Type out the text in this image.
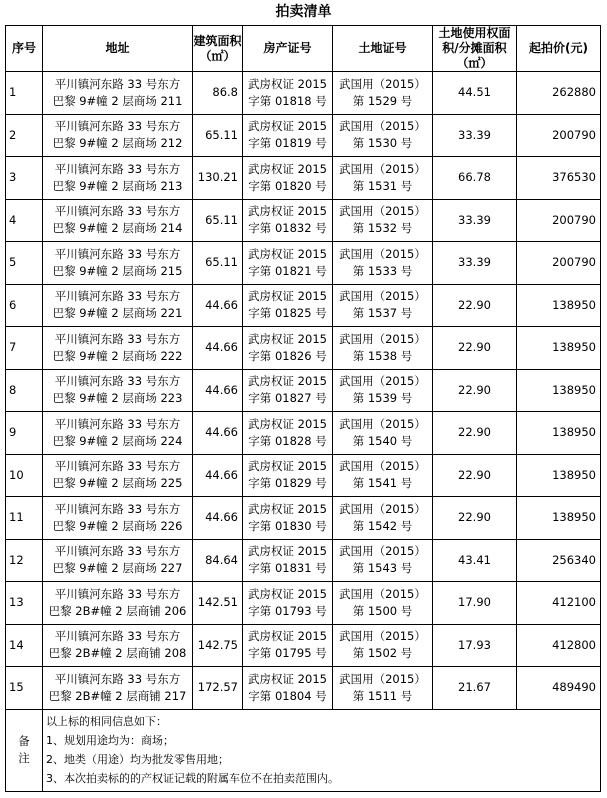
拍卖清单
序号	地址	建筑面积（㎡）	房产证号	土地证号	土地使用权面积/分摊面积（㎡）	起拍价(元)

1	平川镇河东路 33 号东方
巴黎 9#幢 2 层商场 211	86.8	武房权证 2015
字第 01818 号	武国用（2015）
第 1529 号	44.51	262880

2	平川镇河东路 33 号东方
巴黎 9#幢 2 层商场 212	65.11	武房权证 2015
字第 01819 号	武国用（2015）
第 1530 号	33.39	200790

3	平川镇河东路 33 号东方
巴黎 9#幢 2 层商场 213	130.21	武房权证 2015
字第 01820 号	武国用（2015）
第 1531 号	66.78	376530

4	平川镇河东路 33 号东方
巴黎 9#幢 2 层商场 214	65.11	武房权证 2015
字第 01832 号	武国用（2015）
第 1532 号	33.39	200790

5	平川镇河东路 33 号东方
巴黎 9#幢 2 层商场 215	65.11	武房权证 2015
字第 01821 号	武国用（2015）
第 1533 号	33.39	200790

6	平川镇河东路 33 号东方
巴黎 9#幢 2 层商场 221	44.66	武房权证 2015
字第 01825 号	武国用（2015）
第 1537 号	22.90	138950

7	平川镇河东路 33 号东方
巴黎 9#幢 2 层商场 222	44.66	武房权证 2015
字第 01826 号	武国用（2015）
第 1538 号	22.90	138950

8	平川镇河东路 33 号东方
巴黎 9#幢 2 层商场 223	44.66	武房权证 2015
字第 01827 号	武国用（2015）
第 1539 号	22.90	138950

9	平川镇河东路 33 号东方
巴黎 9#幢 2 层商场 224	44.66	武房权证 2015
字第 01828 号	武国用（2015）
第 1540 号	22.90	138950

10	平川镇河东路 33 号东方
巴黎 9#幢 2 层商场 225	44.66	武房权证 2015
字第 01829 号	武国用（2015）
第 1541 号	22.90	138950

11	平川镇河东路 33 号东方
巴黎 9#幢 2 层商场 226	44.66	武房权证 2015
字第 01830 号	武国用（2015）
第 1542 号	22.90	138950

12	平川镇河东路 33 号东方
巴黎 9#幢 2 层商场 227	84.64	武房权证 2015
字第 01831 号	武国用（2015）
第 1543 号	43.41	256340

13	平川镇河东路 33 号东方
巴黎 2B#幢 2 层商铺 206	142.51	武房权证 2015
字第 01793 号	武国用（2015）
第 1500 号	17.90	412100

14	平川镇河东路 33 号东方
巴黎 2B#幢 2 层商铺 208	142.75	武房权证 2015
字第 01795 号	武国用（2015）
第 1502 号	17.93	412800

15	平川镇河东路 33 号东方
巴黎 2B#幢 2 层商铺 217	172.57	武房权证 2015
字第 01804 号	武国用（2015）
第 1511 号	21.67	489490

备
注	以上标的相同信息如下：
1、规划用途均为：商场；
2、地类（用途）均为批发零售用地；
3、本次拍卖标的的产权证记载的附属车位不在拍卖范围内。					
